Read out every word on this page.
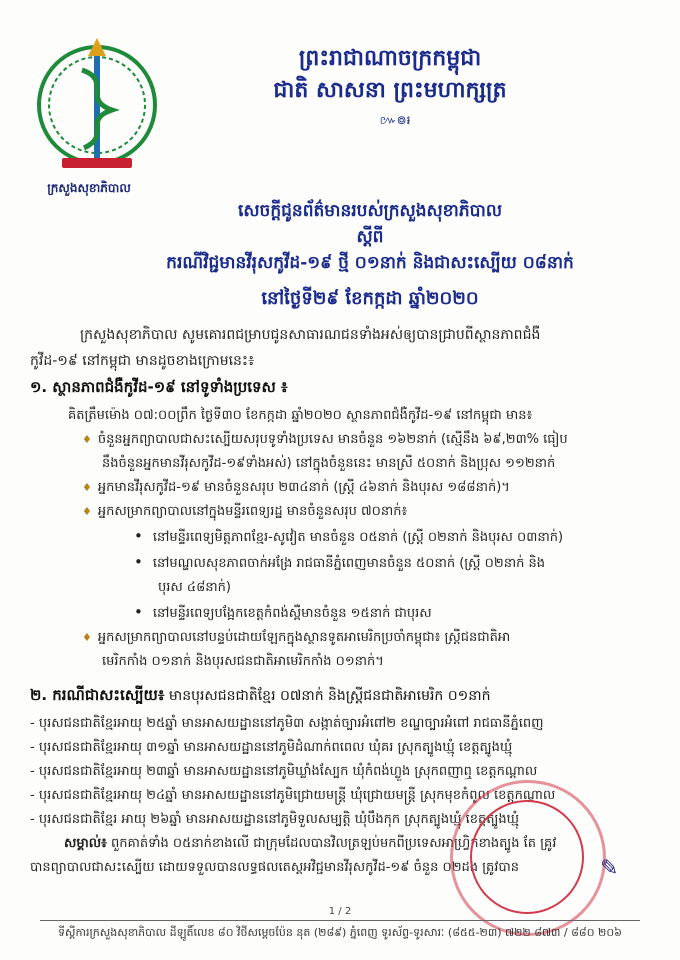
ក្រសួងសុខាភិបាល
ព្រះរាជាណាចក្រកម្ពុជា
ជាតិ សាសនា ព្រះមហាក្សត្រ
៚៙៛
សេចក្តីជូនព័ត៌មានរបស់ក្រសួងសុខាភិបាល
ស្តីពី
ករណីវិជ្ជមានវីរុសកូវីដ-១៩ ថ្មី ០១នាក់ និងជាសះស្បើយ ០៨នាក់
នៅថ្ងៃទី២៩ ខែកក្កដា ឆ្នាំ២០២០
ក្រសួងសុខាភិបាល សូមគោរពជម្រាបជូនសាធារណជនទាំងអស់ឲ្យបានជ្រាបពីស្ថានភាពជំងឺ
កូវីដ-១៩ នៅកម្ពុជា មានដូចខាងក្រោមនេះ៖
១. ស្ថានភាពជំងឺកូវីដ-១៩ នៅទូទាំងប្រទេស ៖
គិតត្រឹមម៉ោង ០៧:០០ព្រឹក ថ្ងៃទី៣០ ខែកក្កដា ឆ្នាំ២០២០ ស្ថានភាពជំងឺកូវីដ-១៩ នៅកម្ពុជា មាន៖
♦ ចំនួនអ្នកព្យាបាលជាសះស្បើយសរុបទូទាំងប្រទេស មានចំនួន ១៦២នាក់ (ស្មើនឹង ៦៩,២៣% ធៀប
នឹងចំនួនអ្នកមានវីរុសកូវីដ-១៩ទាំងអស់) នៅក្នុងចំនួននេះ មានស្រី ៥០នាក់ និងប្រុស ១១២នាក់
♦ អ្នកមានវីរុសកូវីដ-១៩ មានចំនួនសរុប ២៣៤នាក់ (ស្ត្រី ៤៦នាក់ និងបុរស ១៨៨នាក់)។
♦ អ្នកសម្រាកព្យាបាលនៅក្នុងមន្ទីរពេទ្យរដ្ឋ មានចំនួនសរុប ៧០នាក់៖
• នៅមន្ទីរពេទ្យមិត្តភាពខ្មែរ-សូវៀត មានចំនួន ០៥នាក់ (ស្ត្រី ០២នាក់ និងបុរស ០៣នាក់)
• នៅមណ្ឌលសុខភាពចាក់អង្រែ រាជធានីភ្នំពេញមានចំនួន ៥០នាក់ (ស្ត្រី ០២នាក់ និង
បុរស ៤៨នាក់)
• នៅមន្ទីរពេទ្យបង្អែកខេត្តកំពង់ស្ពឺមានចំនួន ១៥នាក់ ជាបុរស
♦ អ្នកសម្រាកព្យាបាលនៅបន្ទប់ដោយឡែកក្នុងស្ថានទូតអាមេរិកប្រចាំកម្ពុជា៖ ស្ត្រីជនជាតិអា
មេរិកកាំង ០១នាក់ និងបុរសជនជាតិអាមេរិកកាំង ០១នាក់។
២. ករណីជាសះស្បើយ៖ មានបុរសជនជាតិខ្មែរ ០៧នាក់ និងស្ត្រីជនជាតិអាមេរិក ០១នាក់
- បុរសជនជាតិខ្មែរអាយុ ២៥ឆ្នាំ មានអាសយដ្ឋាននៅភូមិ៣ សង្កាត់ច្បារអំពៅ២ ខណ្ឌច្បារអំពៅ រាជធានីភ្នំពេញ
- បុរសជនជាតិខ្មែរអាយុ ៣១ឆ្នាំ មានអាសយដ្ឋាននៅភូមិដំណាក់ពពេល ឃុំគរ ស្រុកត្បូងឃ្មុំ ខេត្តត្បូងឃ្មុំ
- បុរសជនជាតិខ្មែរអាយុ ២៣ឆ្នាំ មានអាសយដ្ឋាននៅភូមិឃ្លាំងស្បែក ឃុំកំពង់ហ្លួង ស្រុកពញាឮ ខេត្តកណ្ដាល
- បុរសជនជាតិខ្មែរអាយុ ២៤ឆ្នាំ មានអាសយដ្ឋាននៅភូមិជ្រោយមន្រ្តី ឃុំជ្រោយមន្រ្តី ស្រុកមុខកំពូល ខេត្តកណ្ដាល
- បុរសជនជាតិខ្មែរ អាយុ ២៦ឆ្នាំ មានអាសយដ្ឋាននៅភូមិទួលសម្បត្តិ ឃុំបឹងកុក ស្រុកត្បូងឃ្មុំ ខេត្តត្បូងឃ្មុំ
សម្គាល់៖ ពួកគាត់ទាំង ០៥នាក់ខាងលើ ជាក្រុមដែលបានវិលត្រឡប់មកពីប្រទេសអាហ្វ្រិកខាងត្បូង តែ គ្រូវ
បានព្យាបាលជាសះស្បើយ ដោយទទួលបានលទ្ធផលតេស្តអវិជ្ជមានវីរុសកូវីដ-១៩ ចំនួន ០២ដង ត្រូវបាន	✎
1 / 2
ទីស្តីការក្រសួងសុខាភិបាល ដីឡូតិ៍លេខ ៨០ វិថីសម្តេចប៉ែន នុត (២៨៩) ភ្នំពេញ ទូរស័ព្ទ-ទូរសារៈ (៨៥៥-២៣) ៧២២ ៨៧៣ / ៨៨០ ២០៦
